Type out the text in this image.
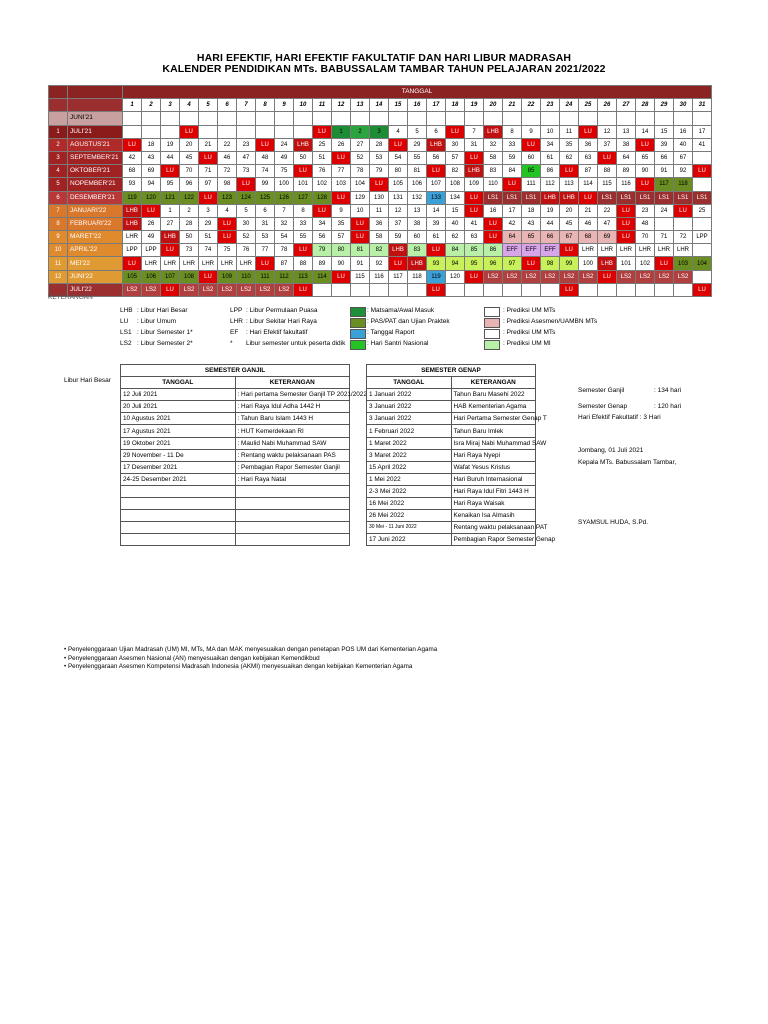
HARI EFEKTIF, HARI EFEKTIF FAKULTATIF DAN HARI LIBUR MADRASAH
KALENDER PENDIDIKAN MTs. BABUSSALAM TAMBAR TAHUN PELAJARAN 2021/2022
		TANGGAL																														
		1	2	3	4	5	6	7	8	9	10	11	12	13	14	15	16	17	18	19	20	21	22	23	24	25	26	27	28	29	30	31
	JUNI'21																															
1	JULI'21				LU							LU	1	2	3	4	5	6	LU	7	LHB	8	9	10	11	LU	12	13	14	15	16	17
2	AGUSTUS'21	LU	18	19	20	21	22	23	LU	24	LHB	25	26	27	28	LU	29	LHB	30	31	32	33	LU	34	35	36	37	38	LU	39	40	41
3	SEPTEMBER'21	42	43	44	45	LU	46	47	48	49	50	51	LU	52	53	54	55	56	57	LU	58	59	60	61	62	63	LU	64	65	66	67	
4	OKTOBER'21	68	69	LU	70	71	72	73	74	75	LU	76	77	78	79	80	81	LU	82	LHB	83	84	85	86	LU	87	88	89	90	91	92	LU
5	NOPEMBER'21	93	94	95	96	97	98	LU	99	100	101	102	103	104	LU	105	106	107	108	109	110	LU	111	112	113	114	115	116	LU	117	118	
6	DESEMBER'21	119	120	121	122	LU	123	124	125	126	127	128	LU	129	130	131	132	133	134	LU	LS1	LS1	LS1	LHB	LHB	LU	LS1	LS1	LS1	LS1	LS1	LS1
7	JANUARI'22	LHB	LU	1	2	3	4	5	6	7	8	LU	9	10	11	12	13	14	15	LU	16	17	18	19	20	21	22	LU	23	24	LU	25
8	FEBRUARI'22	LHB	26	27	28	29	LU	30	31	32	33	34	35	LU	36	37	38	39	40	41	LU	42	43	44	45	46	47	LU	48			
9	MARET'22	LHR	49	LHB	50	51	LU	52	53	54	55	56	57	LU	58	59	60	61	62	63	LU	64	65	66	67	68	69	LU	70	71	72	LPP
10	APRIL'22	LPP	LPP	LU	73	74	75	76	77	78	LU	79	80	81	82	LHB	83	LU	84	85	86	EFF	EFF	EFF	LU	LHR	LHR	LHR	LHR	LHR	LHR	
11	MEI'22	LU	LHR	LHR	LHR	LHR	LHR	LHR	LU	87	88	89	90	91	92	LU	LHB	93	94	95	96	97	LU	98	99	100	LHB	101	102	LU	103	104
12	JUNI'22	105	106	107	108	LU	109	110	111	112	113	114	LU	115	116	117	118	119	120	LU	LS2	LS2	LS2	LS2	LS2	LS2	LU	LS2	LS2	LS2	LS2	
	JULI'22	LS2	LS2	LU	LS2	LS2	LS2	LS2	LS2	LS2	LU							LU							LU							LU
KETERANGAN
LHB : Libur Hari Besar
LU : Libur Umum
LS1 : Libur Semester 1*
LS2 : Libur Semester 2*
LPP : Libur Permulaan Puasa
LHR : Libur Sekitar Hari Raya
EF : Hari Efektif fakultatif
* Libur semester untuk peserta didik
: Matsama/Awal Masuk
: PAS/PAT dan Ujian Praktek
: Tanggal Raport
: Hari Santri Nasional
: Prediksi UM MTs
: Prediksi Asesmen/UAMBN MTs
: Prediksi UM MTs
: Prediksi UM MI
Libur Hari Besar
SEMESTER GANJIL	
TANGGAL	KETERANGAN
12 Juli 2021	: Hari pertama Semester Ganjil TP 2021/2022
20 Juli 2021	: Hari Raya Idul Adha 1442 H
10 Agustus 2021	: Tahun Baru Islam 1443 H
17 Agustus 2021	: HUT Kemerdekaan RI
19 Oktober 2021	: Maulid Nabi Muhammad SAW
29 November - 11 De	: Rentang waktu pelaksanaan PAS
17 Desember 2021	: Pembagian Rapor Semester Ganjil
24-25 Desember 2021	: Hari Raya Natal

SEMESTER GENAP	
TANGGAL	KETERANGAN
1 Januari 2022	Tahun Baru Masehi 2022
3 Januari 2022	HAB Kementerian Agama
3 Januari 2022	Hari Pertama Semester Genap T
1 Februari 2022	Tahun Baru Imlek
1 Maret 2022	Isra Miraj Nabi Muhammad SAW
3 Maret 2022	Hari Raya Nyepi
15 April 2022	Wafat Yesus Kristus
1 Mei 2022	Hari Buruh Internasional
2-3 Mei 2022	Hari Raya Idul Fitri 1443 H
16 Mei 2022	Hari Raya Waisak
26 Mei 2022	Kenaikan Isa Almasih
30 Mei - 11 Juni 2022	Rentang waktu pelaksanaan PAT
17 Juni 2022	Pembagian Rapor Semester Genap
Semester Ganjil	: 134 hari
Semester Genap	: 120 hari
Hari Efektif Fakultatif : 3 Hari
Jombang, 01 Juli 2021
Kepala MTs. Babussalam Tambar,
SYAMSUL HUDA, S.Pd.
• Penyelenggaraan Ujian Madrasah (UM) MI, MTs, MA dan MAK menyesuaikan dengan penetapan POS UM dari Kementerian Agama
• Penyelenggaraan Asesmen Nasional (AN) menyesuaikan dengan kebijakan Kemendikbud
• Penyelenggaraan Asesmen Kompetensi Madrasah Indonesia (AKMI) menyesuaikan dengan kebijakan Kementerian Agama
